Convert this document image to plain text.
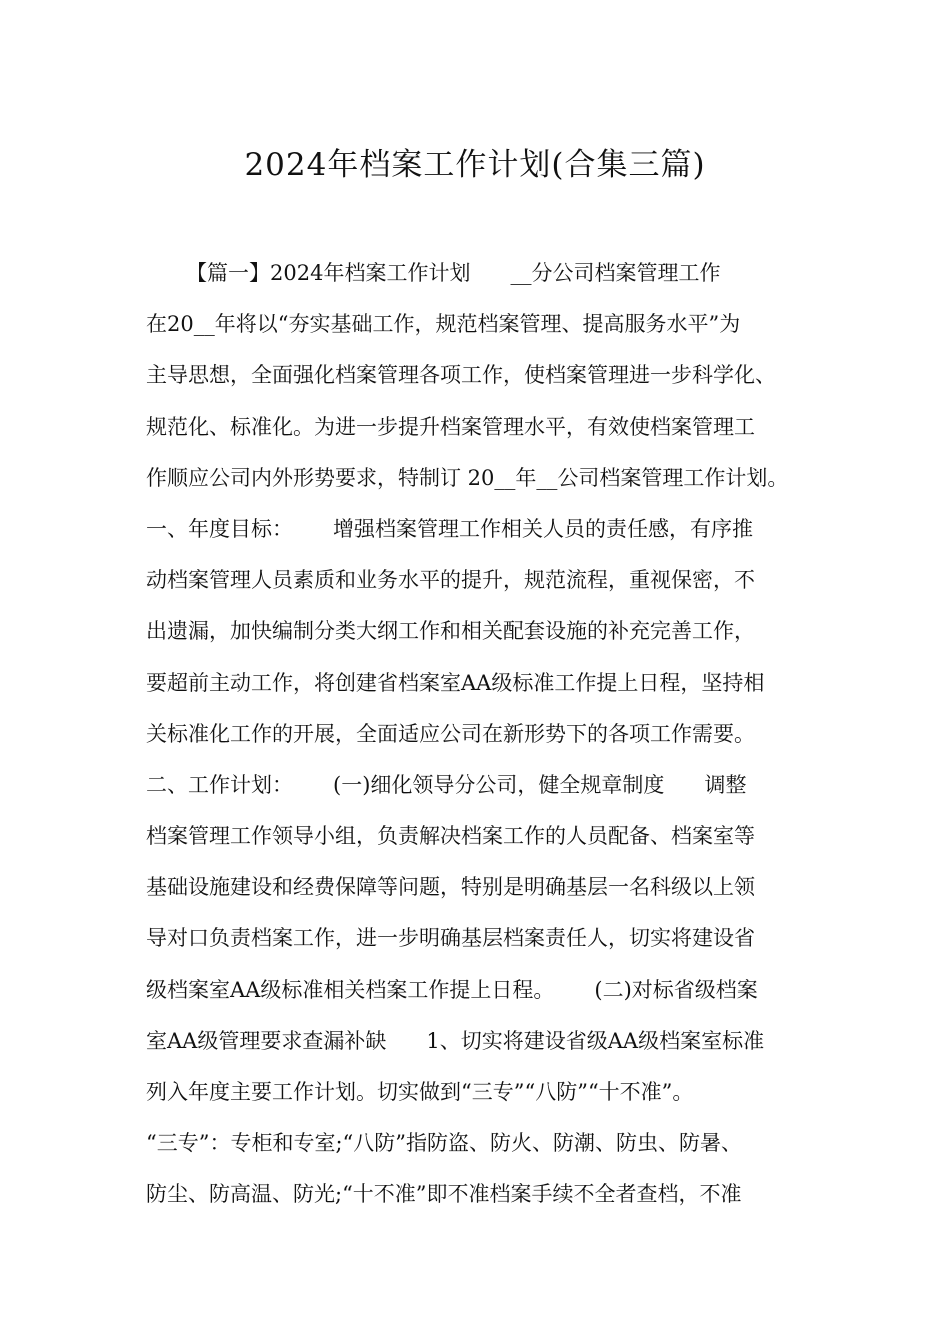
2024年档案工作计划(合集三篇)
【篇一】2024年档案工作计划      __分公司档案管理工作
在20__年将以“夯实基础工作，规范档案管理、提高服务水平”为
主导思想，全面强化档案管理各项工作，使档案管理进一步科学化、
规范化、标准化。为进一步提升档案管理水平，有效使档案管理工
作顺应公司内外形势要求，特制订 20__年__公司档案管理工作计划。
一、年度目标：      增强档案管理工作相关人员的责任感，有序推
动档案管理人员素质和业务水平的提升，规范流程，重视保密，不
出遗漏，加快编制分类大纲工作和相关配套设施的补充完善工作，
要超前主动工作，将创建省档案室AA级标准工作提上日程，坚持相
关标准化工作的开展，全面适应公司在新形势下的各项工作需要。
二、工作计划：      (一)细化领导分公司，健全规章制度      调整
档案管理工作领导小组，负责解决档案工作的人员配备、档案室等
基础设施建设和经费保障等问题，特别是明确基层一名科级以上领
导对口负责档案工作，进一步明确基层档案责任人，切实将建设省
级档案室AA级标准相关档案工作提上日程。      (二)对标省级档案
室AA级管理要求查漏补缺      1、切实将建设省级AA级档案室标准
列入年度主要工作计划。切实做到“三专”“八防”“十不准”。
“三专”：专柜和专室;“八防”指防盗、防火、防潮、防虫、防暑、
防尘、防高温、防光;“十不准”即不准档案手续不全者查档，不准
